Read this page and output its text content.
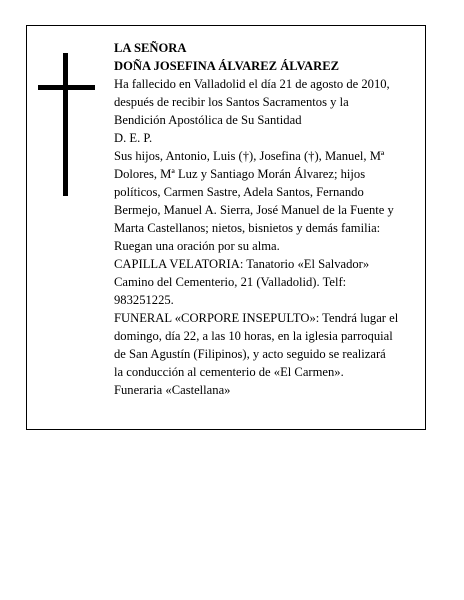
LA SEÑORA
DOÑA JOSEFINA ÁLVAREZ ÁLVAREZ
Ha fallecido en Valladolid el día 21 de agosto de 2010,
después de recibir los Santos Sacramentos y la
Bendición Apostólica de Su Santidad
D. E. P.
Sus hijos, Antonio, Luis (†), Josefina (†), Manuel, Mª
Dolores, Mª Luz y Santiago Morán Álvarez; hijos
políticos, Carmen Sastre, Adela Santos, Fernando
Bermejo, Manuel A. Sierra, José Manuel de la Fuente y
Marta Castellanos; nietos, bisnietos y demás familia:
Ruegan una oración por su alma.
CAPILLA VELATORIA: Tanatorio «El Salvador»
Camino del Cementerio, 21 (Valladolid). Telf:
983251225.
FUNERAL «CORPORE INSEPULTO»: Tendrá lugar el
domingo, día 22, a las 10 horas, en la iglesia parroquial
de San Agustín (Filipinos), y acto seguido se realizará
la conducción al cementerio de «El Carmen».
Funeraria «Castellana»
